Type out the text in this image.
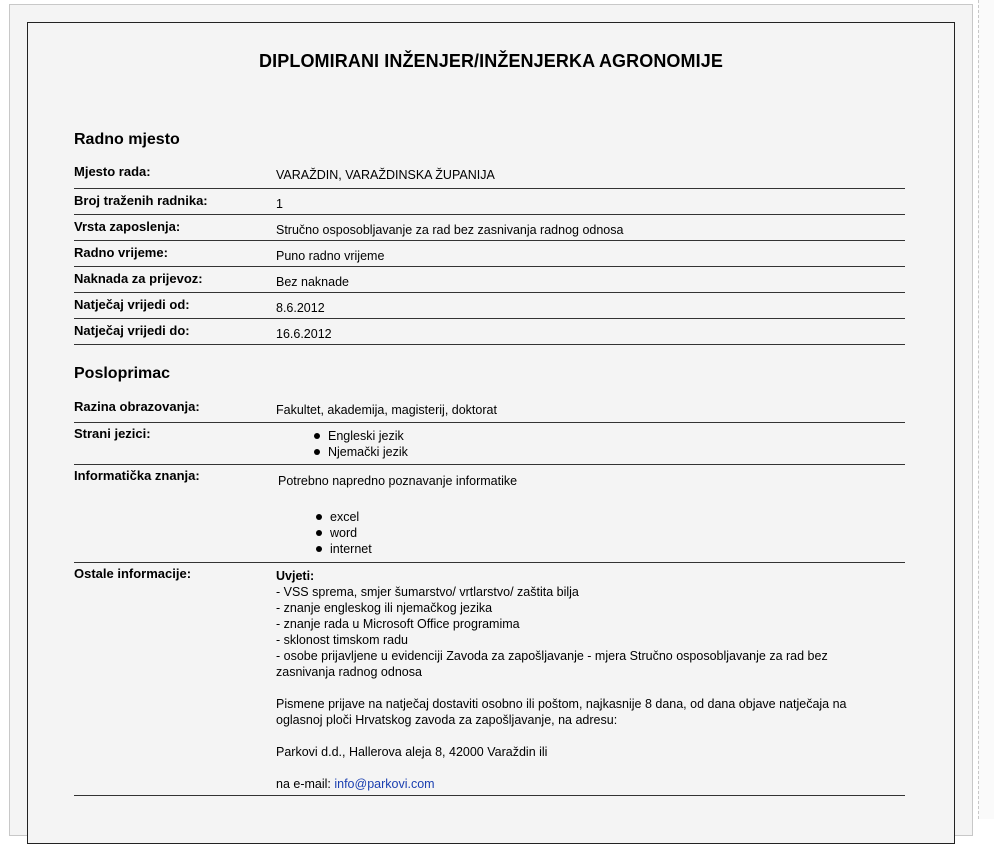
DIPLOMIRANI INŽENJER/INŽENJERKA AGRONOMIJE
Radno mjesto
Mjesto rada:	VARAŽDIN, VARAŽDINSKA ŽUPANIJA
Broj traženih radnika:	1
Vrsta zaposlenja:	Stručno osposobljavanje za rad bez zasnivanja radnog odnosa
Radno vrijeme:	Puno radno vrijeme
Naknada za prijevoz:	Bez naknade
Natječaj vrijedi od:	8.6.2012
Natječaj vrijedi do:	16.6.2012
Posloprimac
Razina obrazovanja:	Fakultet, akademija, magisterij, doktorat
Strani jezici:	Engleski jezik
Njemački jezik
Informatička znanja:	Potrebno napredno poznavanje informatike
excel
word
internet
Ostale informacije:	Uvjeti:
- VSS sprema, smjer šumarstvo/ vrtlarstvo/ zaštita bilja
- znanje engleskog ili njemačkog jezika
- znanje rada u Microsoft Office programima
- sklonost timskom radu
- osobe prijavljene u evidenciji Zavoda za zapošljavanje - mjera Stručno osposobljavanje za rad bez
zasnivanja radnog odnosa
Pismene prijave na natječaj dostaviti osobno ili poštom, najkasnije 8 dana, od dana objave natječaja na
oglasnoj ploči Hrvatskog zavoda za zapošljavanje, na adresu:
Parkovi d.d., Hallerova aleja 8, 42000 Varaždin ili
na e-mail: info@parkovi.com
